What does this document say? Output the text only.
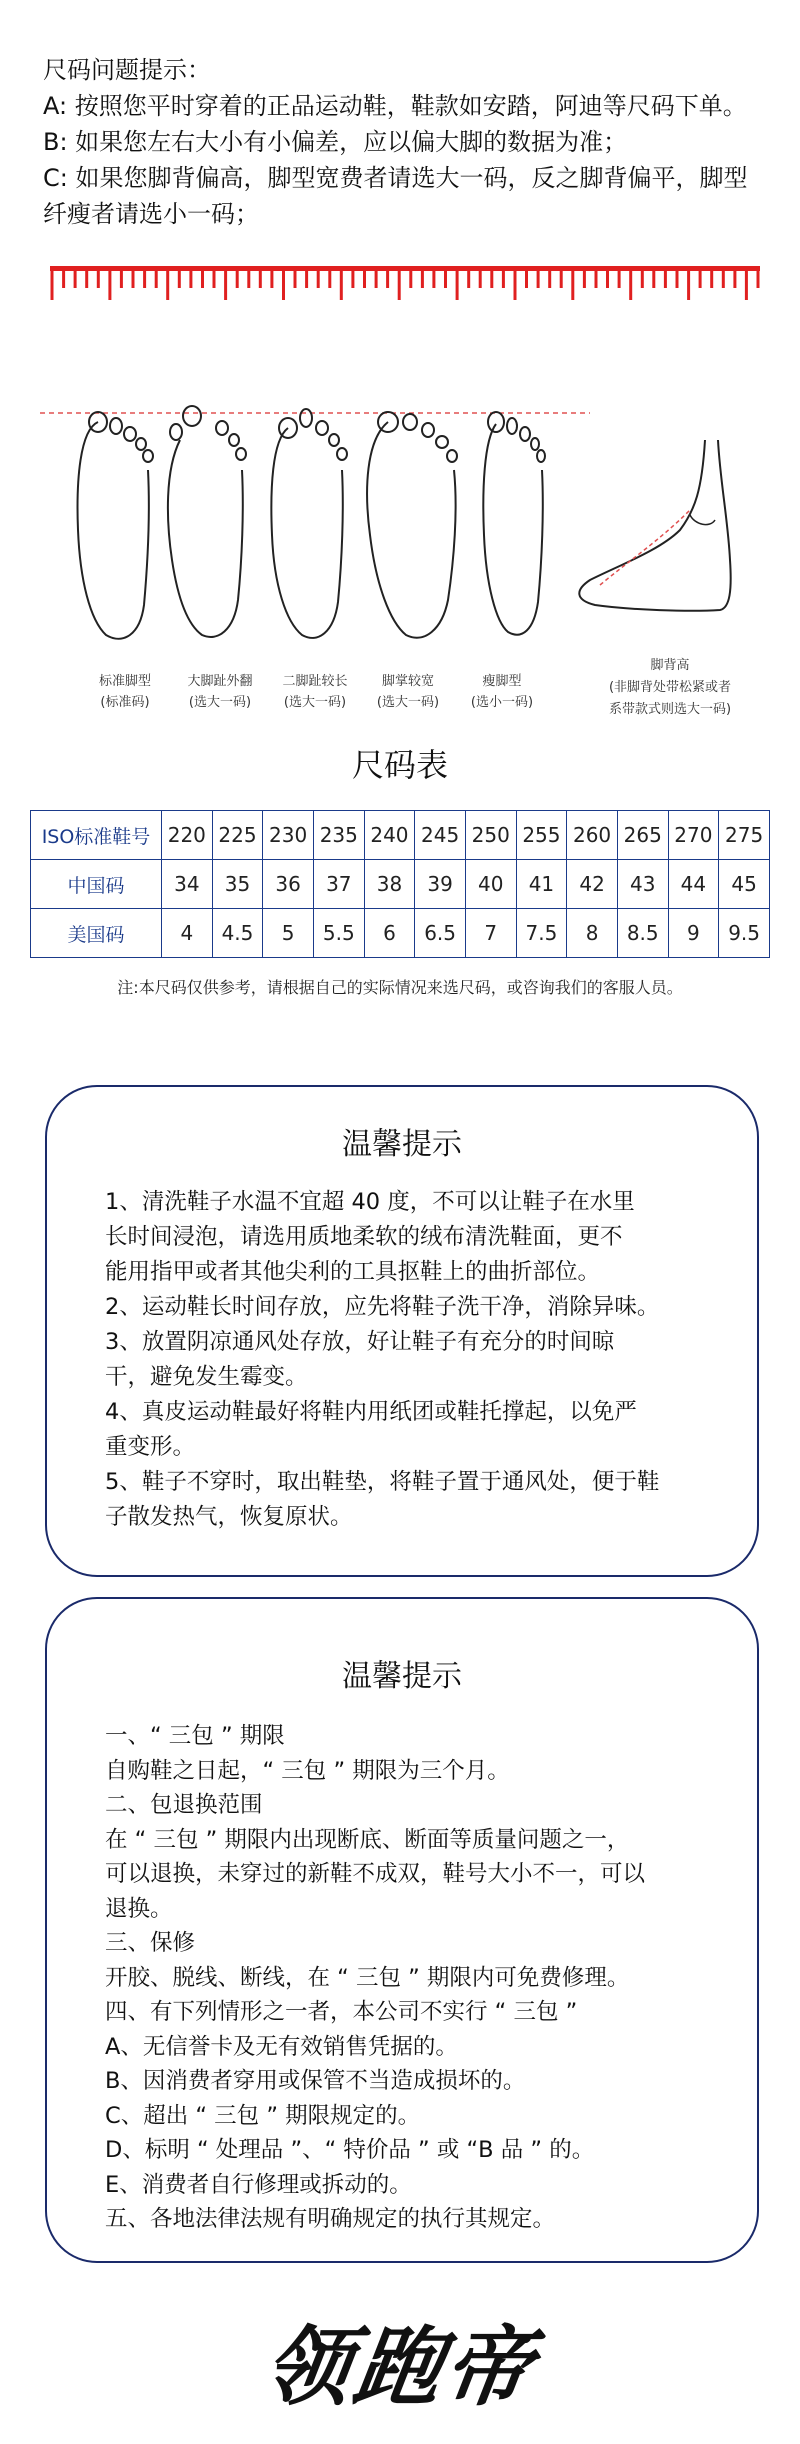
尺码问题提示：
A: 按照您平时穿着的正品运动鞋，鞋款如安踏，阿迪等尺码下单。
B: 如果您左右大小有小偏差，应以偏大脚的数据为准；
C: 如果您脚背偏高，脚型宽费者请选大一码，反之脚背偏平，脚型
纤瘦者请选小一码；
标准脚型
(标准码)
大脚趾外翻
(选大一码)
二脚趾较长
(选大一码)
脚掌较宽
(选大一码)
瘦脚型
(选小一码)
脚背高
(非脚背处带松紧或者
系带款式则选大一码)
尺码表
ISO标准鞋号	220	225	230	235	240	245	250	255	260	265	270	275
中国码	34	35	36	37	38	39	40	41	42	43	44	45
美国码	4	4.5	5	5.5	6	6.5	7	7.5	8	8.5	9	9.5
注:本尺码仅供参考，请根据自己的实际情况来选尺码，或咨询我们的客服人员。
温馨提示
1、清洗鞋子水温不宜超 40 度，不可以让鞋子在水里
长时间浸泡，请选用质地柔软的绒布清洗鞋面，更不
能用指甲或者其他尖利的工具抠鞋上的曲折部位。
2、运动鞋长时间存放，应先将鞋子洗干净，消除异味。
3、放置阴凉通风处存放，好让鞋子有充分的时间晾
干，避免发生霉变。
4、真皮运动鞋最好将鞋内用纸团或鞋托撑起，以免严
重变形。
5、鞋子不穿时，取出鞋垫，将鞋子置于通风处，便于鞋
子散发热气，恢复原状。
温馨提示
一、“ 三包 ” 期限
自购鞋之日起，“ 三包 ” 期限为三个月。
二、包退换范围
在 “ 三包 ” 期限内出现断底、断面等质量问题之一，
可以退换，未穿过的新鞋不成双，鞋号大小不一，可以
退换。
三、保修
开胶、脱线、断线，在 “ 三包 ” 期限内可免费修理。
四、有下列情形之一者，本公司不实行 “ 三包 ”
A、无信誉卡及无有效销售凭据的。
B、因消费者穿用或保管不当造成损坏的。
C、超出 “ 三包 ” 期限规定的。
D、标明 “ 处理品 ”、“ 特价品 ” 或 “B 品 ” 的。
E、消费者自行修理或拆动的。
五、各地法律法规有明确规定的执行其规定。
领跑帝
